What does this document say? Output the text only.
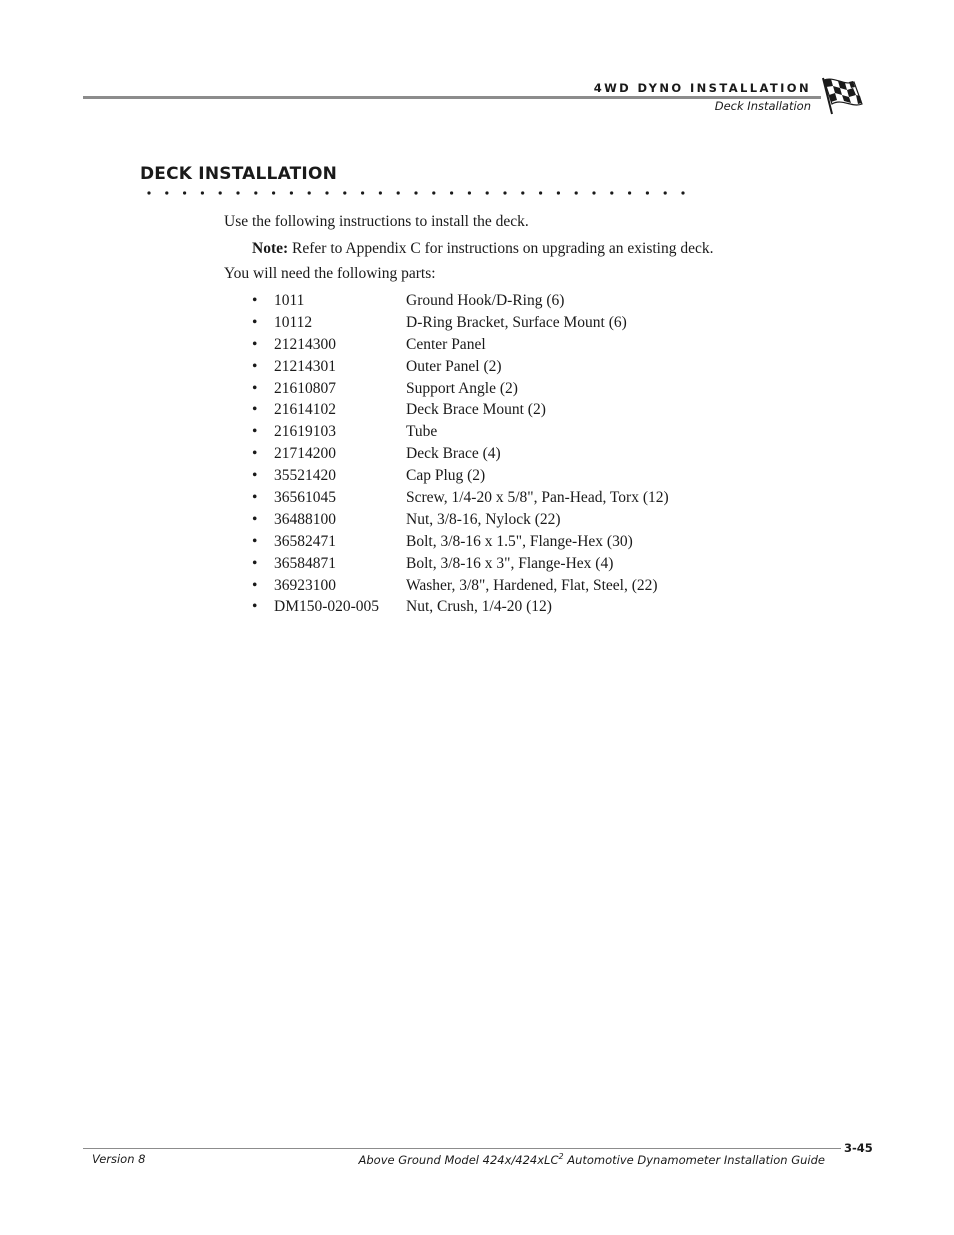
4WD DYNO INSTALLATION
Deck Installation
DECK INSTALLATION
Use the following instructions to install the deck.
Note: Refer to Appendix C for instructions on upgrading an existing deck.
You will need the following parts:
•	1011	Ground Hook/D-Ring (6)
•	10112	D-Ring Bracket, Surface Mount (6)
•	21214300	Center Panel
•	21214301	Outer Panel (2)
•	21610807	Support Angle (2)
•	21614102	Deck Brace Mount (2)
•	21619103	Tube
•	21714200	Deck Brace (4)
•	35521420	Cap Plug (2)
•	36561045	Screw, 1/4-20 x 5/8", Pan-Head, Torx (12)
•	36488100	Nut, 3/8-16, Nylock (22)
•	36582471	Bolt, 3/8-16 x 1.5", Flange-Hex (30)
•	36584871	Bolt, 3/8-16 x 3", Flange-Hex (4)
•	36923100	Washer, 3/8", Hardened, Flat, Steel, (22)
•	DM150-020-005	Nut, Crush, 1/4-20 (12)
3-45
Version 8	Above Ground Model 424x/424xLC$^2$ Automotive Dynamometer Installation Guide
